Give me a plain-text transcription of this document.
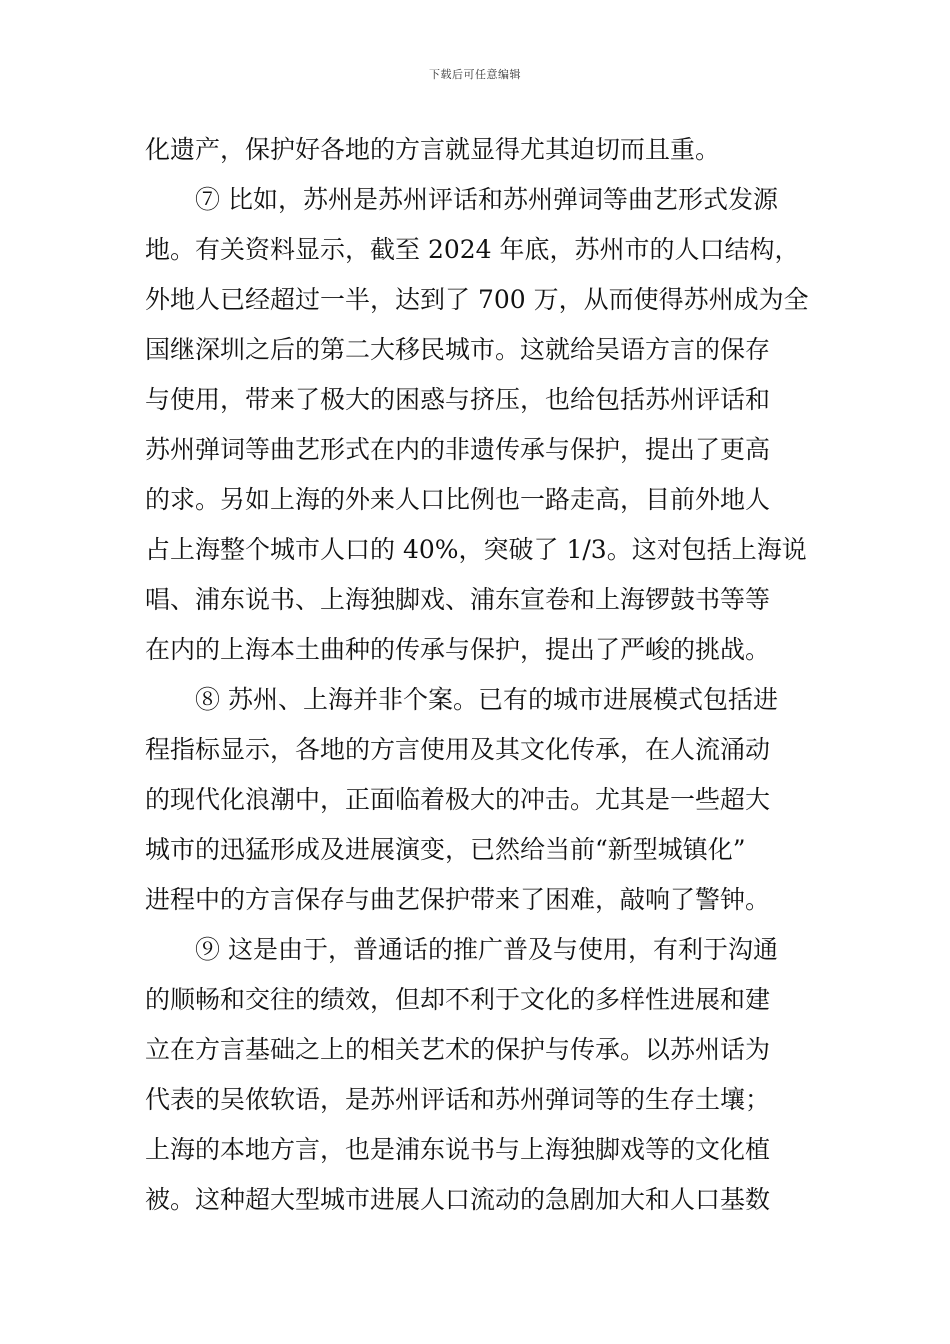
下载后可任意编辑
化遗产，保护好各地的方言就显得尤其迫切而且重。
⑦ 比如，苏州是苏州评话和苏州弹词等曲艺形式发源
地。有关资料显示，截至 2024 年底，苏州市的人口结构，
外地人已经超过一半，达到了 700 万，从而使得苏州成为全
国继深圳之后的第二大移民城市。这就给吴语方言的保存
与使用，带来了极大的困惑与挤压，也给包括苏州评话和
苏州弹词等曲艺形式在内的非遗传承与保护，提出了更高
的求。另如上海的外来人口比例也一路走高，目前外地人
占上海整个城市人口的 40%，突破了 1/3。这对包括上海说
唱、浦东说书、上海独脚戏、浦东宣卷和上海锣鼓书等等
在内的上海本土曲种的传承与保护，提出了严峻的挑战。
⑧ 苏州、上海并非个案。已有的城市进展模式包括进
程指标显示，各地的方言使用及其文化传承，在人流涌动
的现代化浪潮中，正面临着极大的冲击。尤其是一些超大
城市的迅猛形成及进展演变，已然给当前“新型城镇化”
进程中的方言保存与曲艺保护带来了困难，敲响了警钟。
⑨ 这是由于，普通话的推广普及与使用，有利于沟通
的顺畅和交往的绩效，但却不利于文化的多样性进展和建
立在方言基础之上的相关艺术的保护与传承。以苏州话为
代表的吴侬软语，是苏州评话和苏州弹词等的生存土壤；
上海的本地方言，也是浦东说书与上海独脚戏等的文化植
被。这种超大型城市进展人口流动的急剧加大和人口基数
